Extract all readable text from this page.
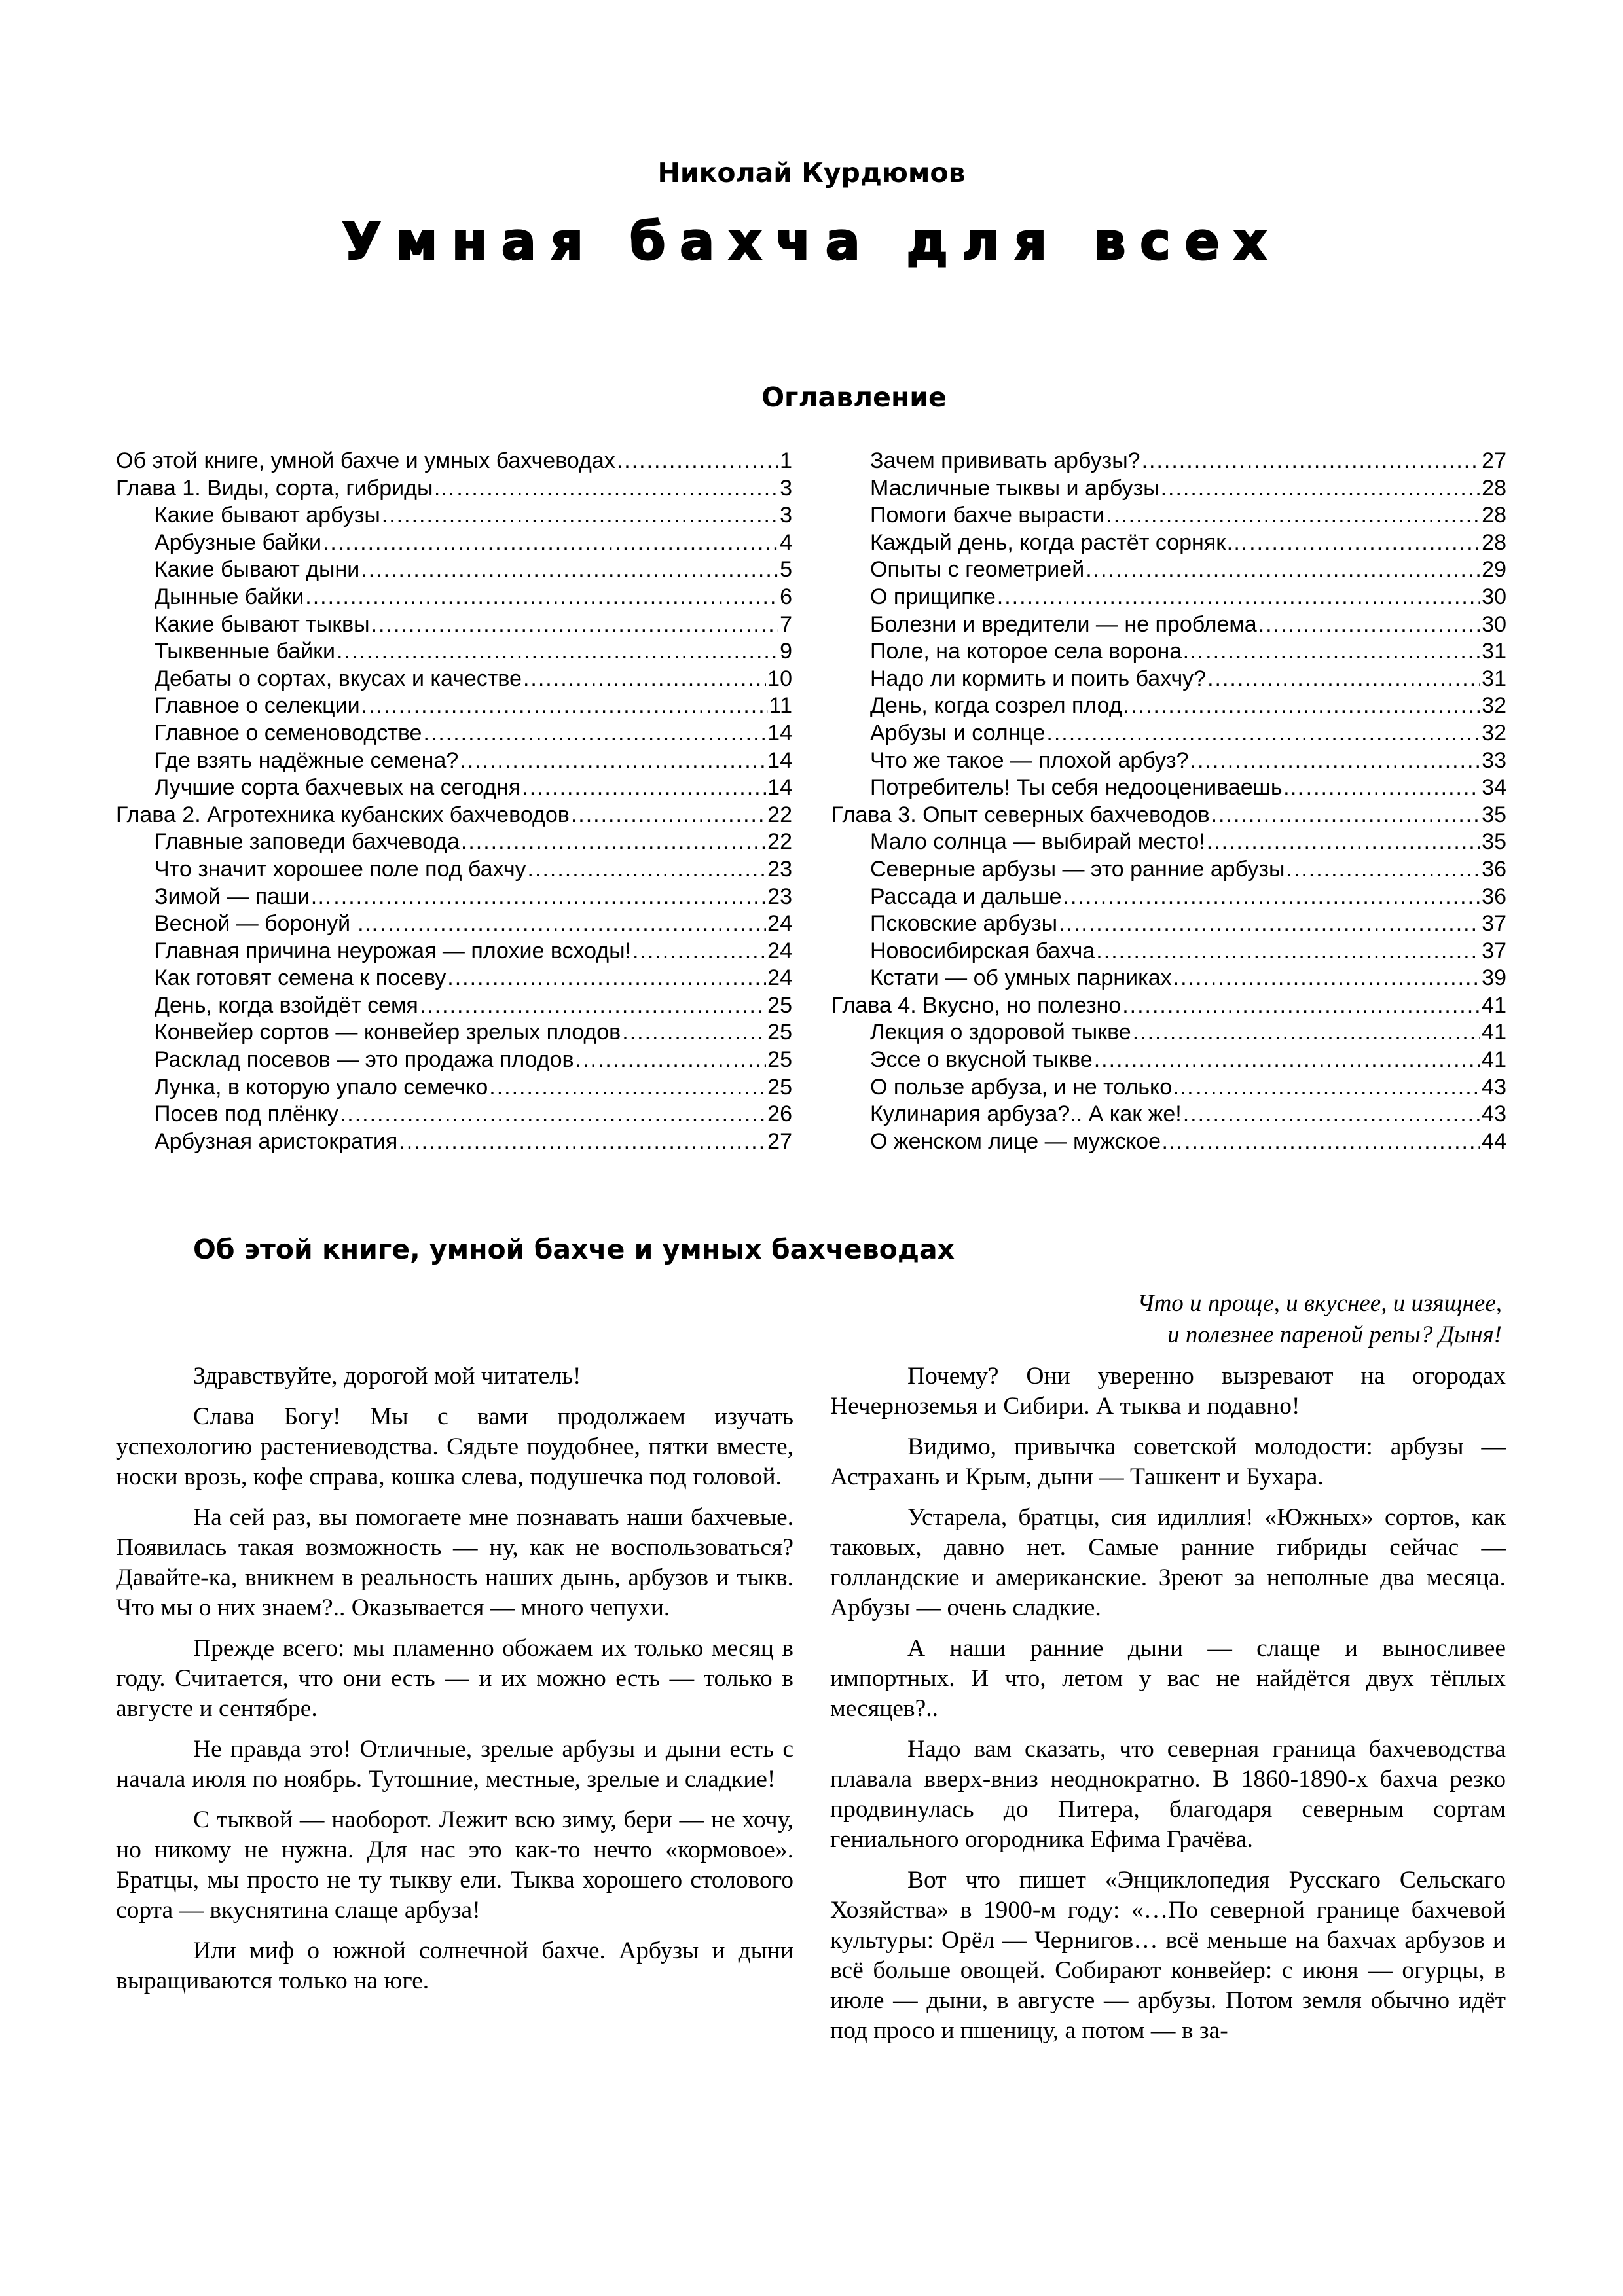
Николай Курдюмов
Умная бахча для всех
Оглавление
Об этой книге, умной бахче и умных бахчеводах .....	1
Глава 1. Виды, сорта, гибриды… .....	3
Какие бывают арбузы .....	3
Арбузные байки .....	4
Какие бывают дыни .....	5
Дынные байки .....	6
Какие бывают тыквы .....	7
Тыквенные байки .....	9
Дебаты о сортах, вкусах и качестве .....	10
Главное о селекции .....	11
Главное о семеноводстве .....	14
Где взять надёжные семена? .....	14
Лучшие сорта бахчевых на сегодня .....	14
Глава 2. Агротехника кубанских бахчеводов .....	22
Главные заповеди бахчевода .....	22
Что значит хорошее поле под бахчу .....	23
Зимой — паши… .....	23
Весной — боронуй … .....	24
Главная причина неурожая — плохие всходы! .....	24
Как готовят семена к посеву .....	24
День, когда взойдёт семя .....	25
Конвейер сортов — конвейер зрелых плодов .....	25
Расклад посевов — это продажа плодов .....	25
Лунка, в которую упало семечко .....	25
Посев под плёнку .....	26
Арбузная аристократия .....	27
Зачем прививать арбузы? .....	27
Масличные тыквы и арбузы .....	28
Помоги бахче вырасти .....	28
Каждый день, когда растёт сорняк… .....	28
Опыты с геометрией .....	29
О прищипке .....	30
Болезни и вредители — не проблема .....	30
Поле, на которое села ворона… .....	31
Надо ли кормить и поить бахчу? .....	31
День, когда созрел плод .....	32
Арбузы и солнце .....	32
Что же такое — плохой арбуз? .....	33
Потребитель! Ты себя недооцениваешь… .....	34
Глава 3. Опыт северных бахчеводов .....	35
Мало солнца — выбирай место! .....	35
Северные арбузы — это ранние арбузы .....	36
Рассада и дальше .....	36
Псковские арбузы .....	37
Новосибирская бахча .....	37
Кстати — об умных парниках .....	39
Глава 4. Вкусно, но полезно .....	41
Лекция о здоровой тыкве .....	41
Эссе о вкусной тыкве .....	41
О пользе арбуза, и не только… .....	43
Кулинария арбуза?.. А как же! .....	43
О женском лице — мужское… .....	44
Об этой книге, умной бахче и умных бахчеводах
Что и проще, и вкуснее, и изящнее,
и полезнее пареной репы? Дыня!

Здравствуйте, дорогой мой читатель!

Слава Богу! Мы с вами продолжаем изучать успехологию растениеводства. Сядьте поудобнее, пятки вместе, носки врозь, кофе справа, кошка слева, подушечка под головой.

На сей раз, вы помогаете мне познавать наши бахчевые. Появилась такая возможность — ну, как не воспользоваться? Давайте-ка, вникнем в реальность наших дынь, арбузов и тыкв. Что мы о них знаем?.. Оказывается — много чепухи.

Прежде всего: мы пламенно обожаем их только месяц в году. Считается, что они есть — и их можно есть — только в августе и сентябре.

Не правда это! Отличные, зрелые арбузы и дыни есть с начала июля по ноябрь. Тутошние, местные, зрелые и сладкие!

С тыквой — наоборот. Лежит всю зиму, бери — не хочу, но никому не нужна. Для нас это как-то нечто «кормовое». Братцы, мы просто не ту тыкву ели. Тыква хорошего столового сорта — вкуснятина слаще арбуза!

Или миф о южной солнечной бахче. Арбузы и дыни выращиваются только на юге.

Почему? Они уверенно вызревают на огородах Нечерноземья и Сибири. А тыква и подавно!

Видимо, привычка советской молодости: арбузы — Астрахань и Крым, дыни — Ташкент и Бухара.

Устарела, братцы, сия идиллия! «Южных» сортов, как таковых, давно нет. Самые ранние гибриды сейчас — голландские и американские. Зреют за неполные два месяца. Арбузы — очень сладкие.

А наши ранние дыни — слаще и выносливее импортных. И что, летом у вас не найдётся двух тёплых месяцев?..

Надо вам сказать, что северная граница бахчеводства плавала вверх-вниз неоднократно. В 1860-1890-х бахча резко продвинулась до Питера, благодаря северным сортам гениального огородника Ефима Грачёва.

Вот что пишет «Энциклопедия Русскаго Сельскаго Хозяйства» в 1900-м году: «…По северной границе бахчевой культуры: Орёл — Чернигов… всё меньше на бахчах арбузов и всё больше овощей. Собирают конвейер: с июня — огурцы, в июле — дыни, в августе — арбузы. Потом земля обычно идёт под просо и пшеницу, а потом — в за-
